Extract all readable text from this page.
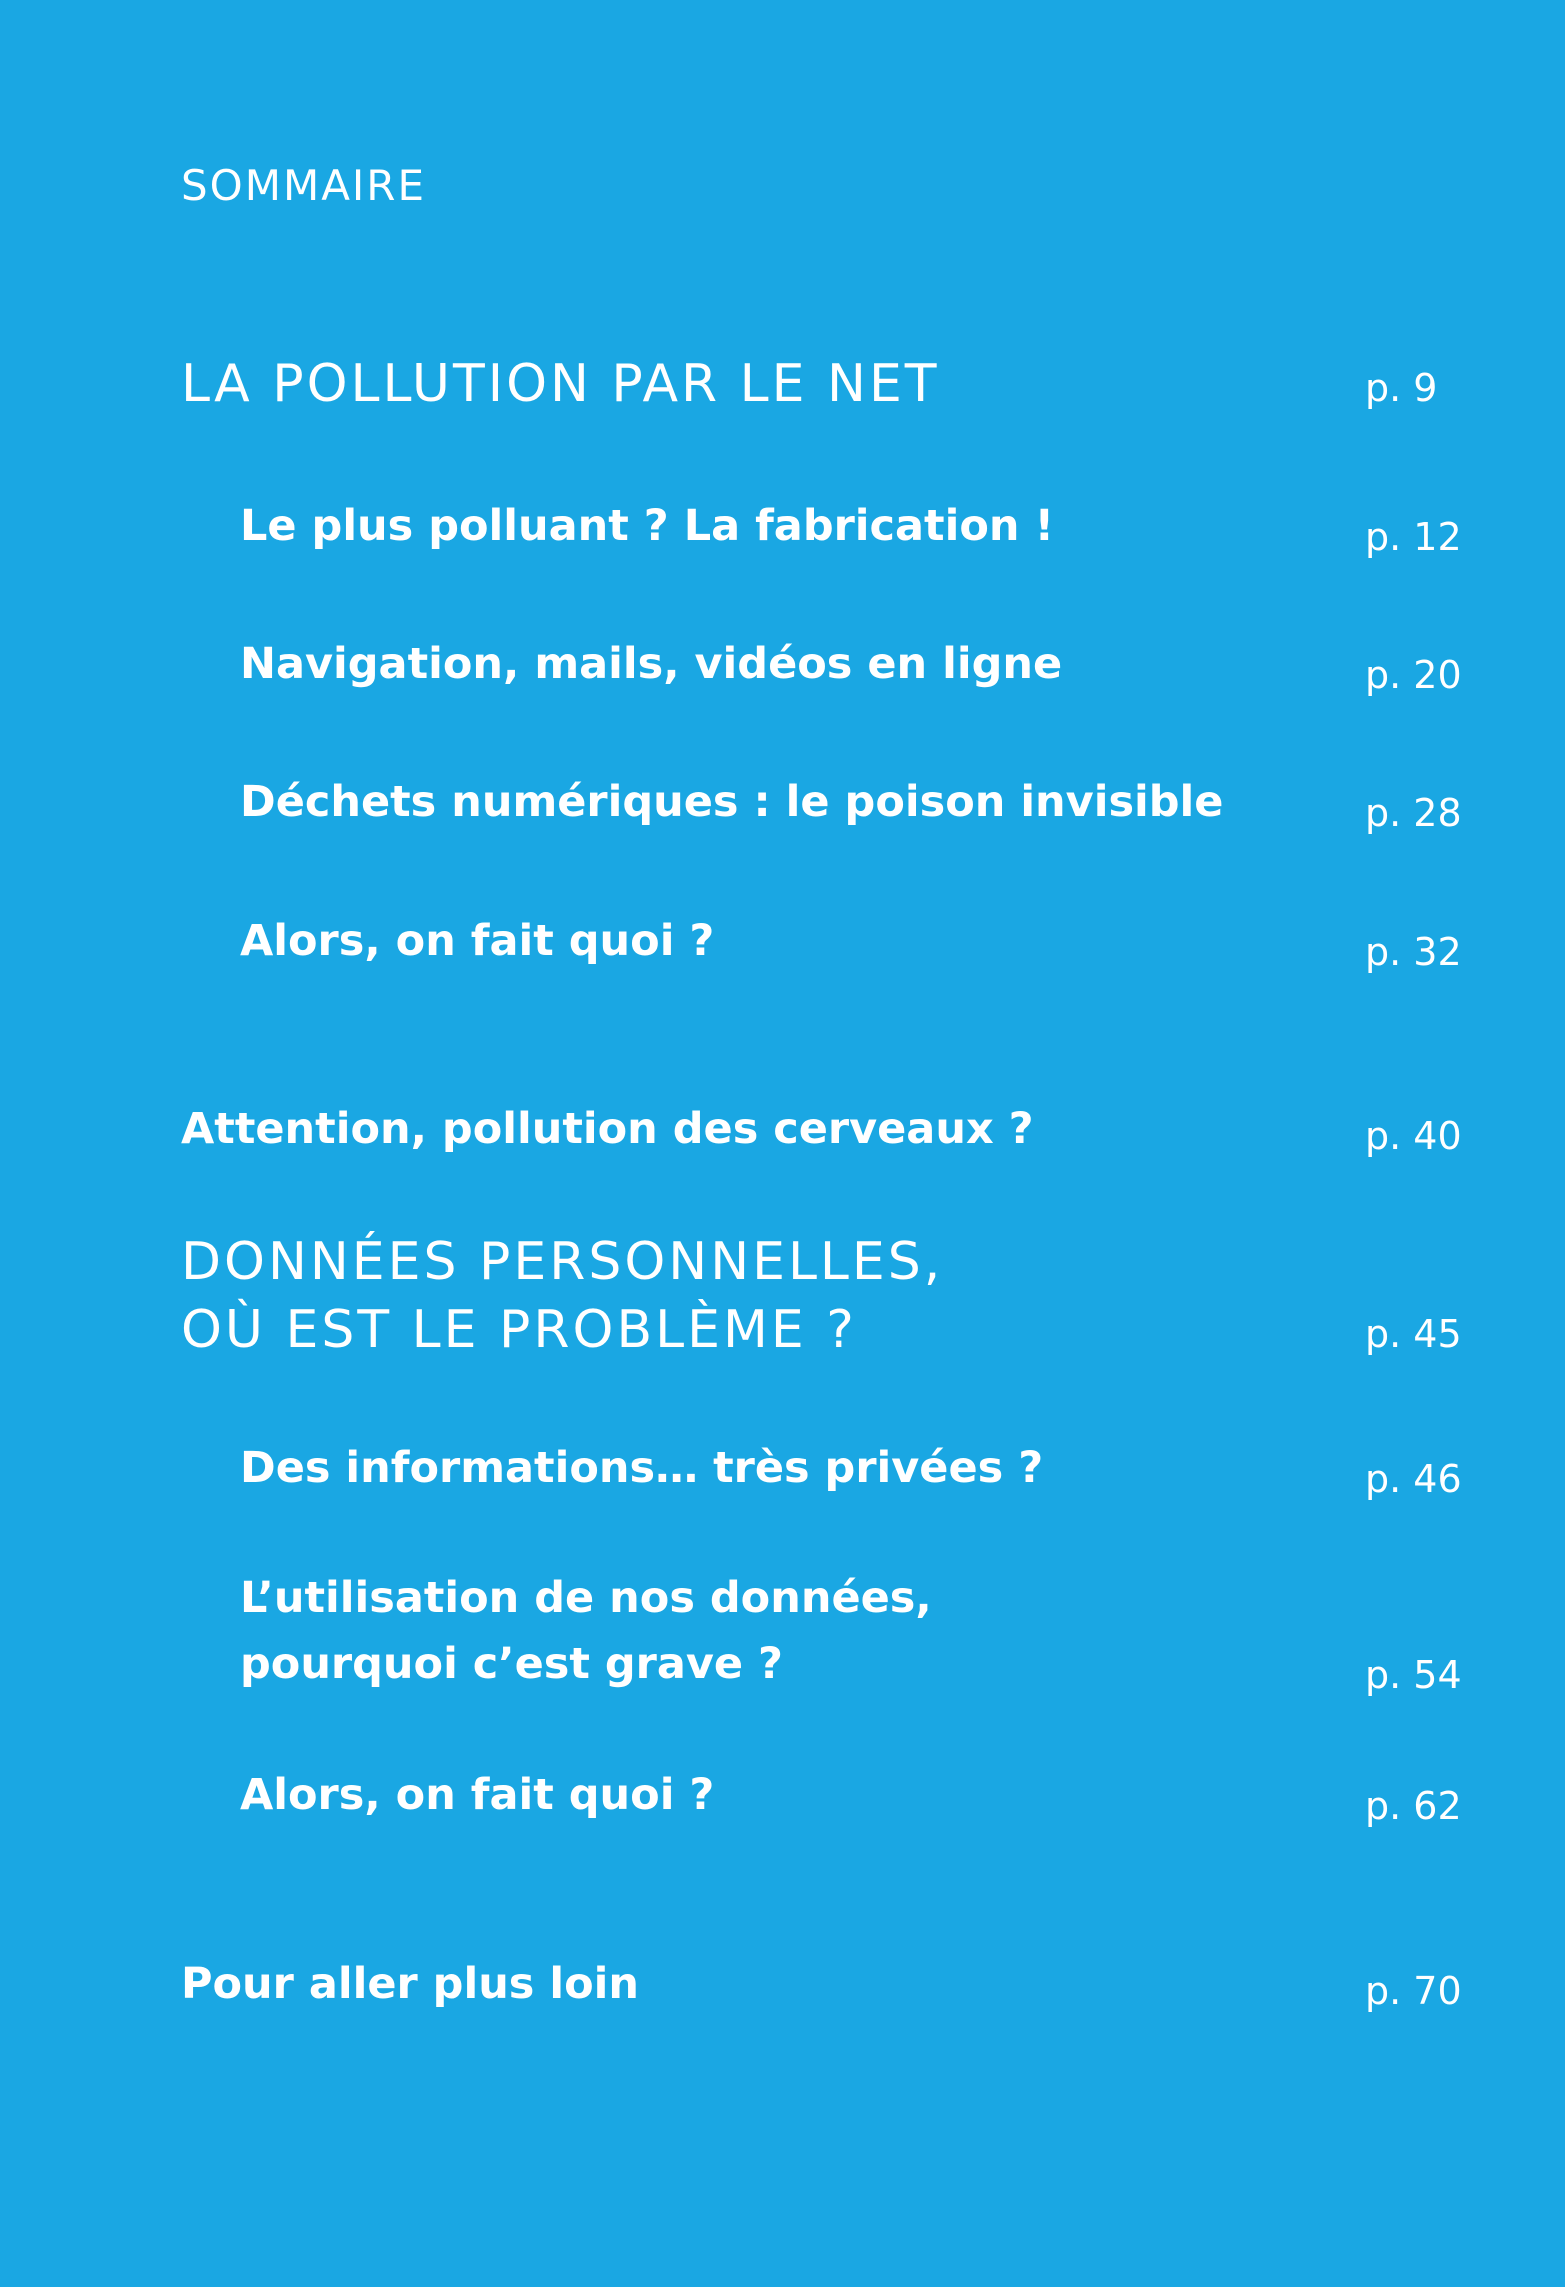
SOMMAIRE
LA POLLUTION PAR LE NET	p. 9
Le plus polluant ? La fabrication !	p. 12
Navigation, mails, vidéos en ligne	p. 20
Déchets numériques : le poison invisible	p. 28
Alors, on fait quoi ?	p. 32
Attention, pollution des cerveaux ?	p. 40
DONNÉES PERSONNELLES,
OÙ EST LE PROBLÈME ?	p. 45
Des informations… très privées ?	p. 46
L’utilisation de nos données,
pourquoi c’est grave ?	p. 54
Alors, on fait quoi ?	p. 62
Pour aller plus loin	p. 70
